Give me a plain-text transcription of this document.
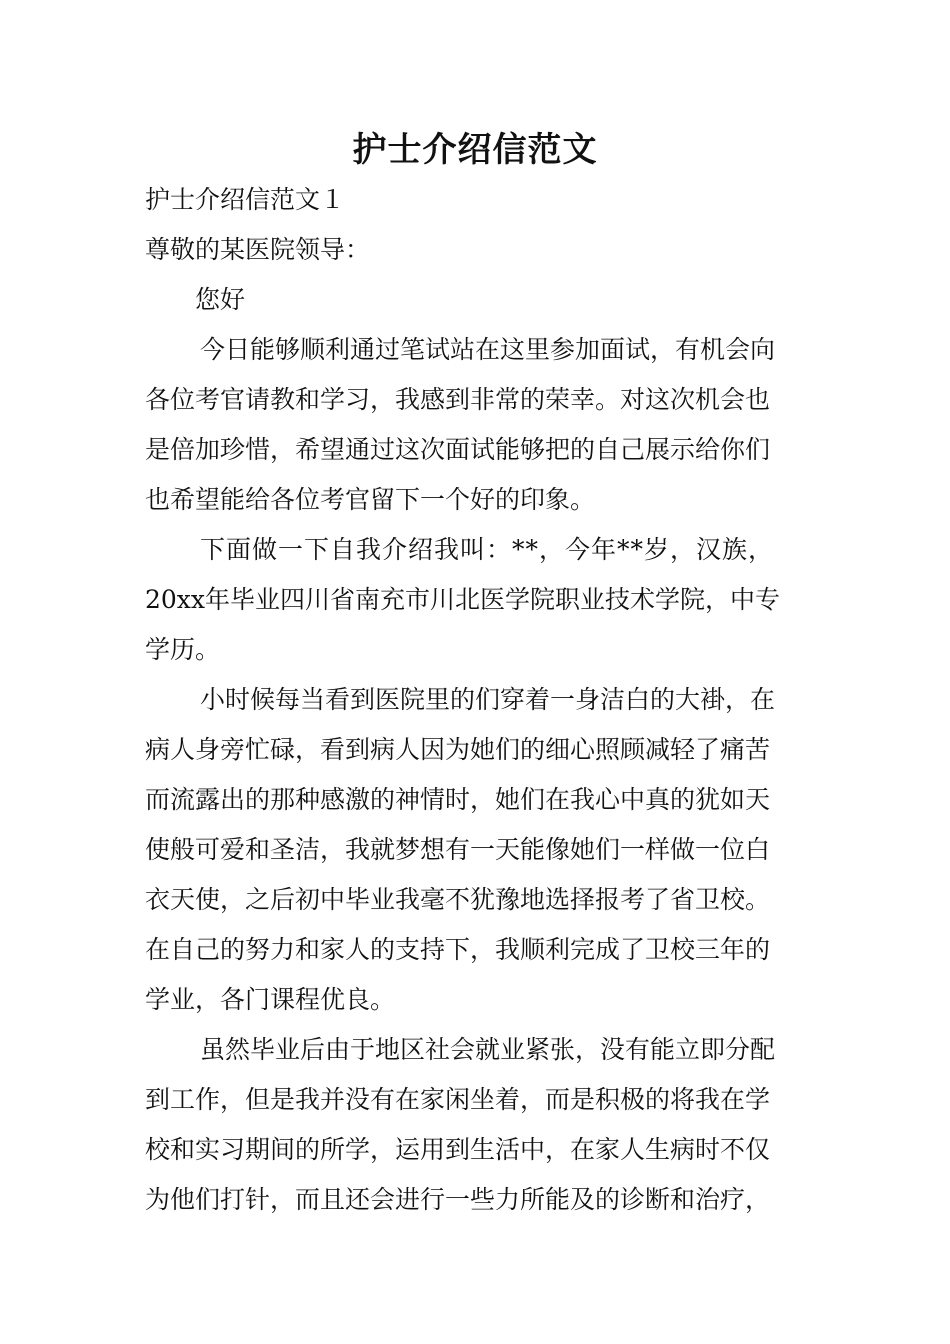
护士介绍信范文
护士介绍信范文１
尊敬的某医院领导：
您好
今日能够顺利通过笔试站在这里参加面试，有机会向
各位考官请教和学习，我感到非常的荣幸。对这次机会也
是倍加珍惜，希望通过这次面试能够把的自己展示给你们
也希望能给各位考官留下一个好的印象。
下面做一下自我介绍我叫：**，今年**岁，汉族，
20xx年毕业四川省南充市川北医学院职业技术学院，中专
学历。
小时候每当看到医院里的们穿着一身洁白的大褂，在
病人身旁忙碌，看到病人因为她们的细心照顾减轻了痛苦
而流露出的那种感激的神情时，她们在我心中真的犹如天
使般可爱和圣洁，我就梦想有一天能像她们一样做一位白
衣天使，之后初中毕业我毫不犹豫地选择报考了省卫校。
在自己的努力和家人的支持下，我顺利完成了卫校三年的
学业，各门课程优良。
虽然毕业后由于地区社会就业紧张，没有能立即分配
到工作，但是我并没有在家闲坐着，而是积极的将我在学
校和实习期间的所学，运用到生活中，在家人生病时不仅
为他们打针，而且还会进行一些力所能及的诊断和治疗，
